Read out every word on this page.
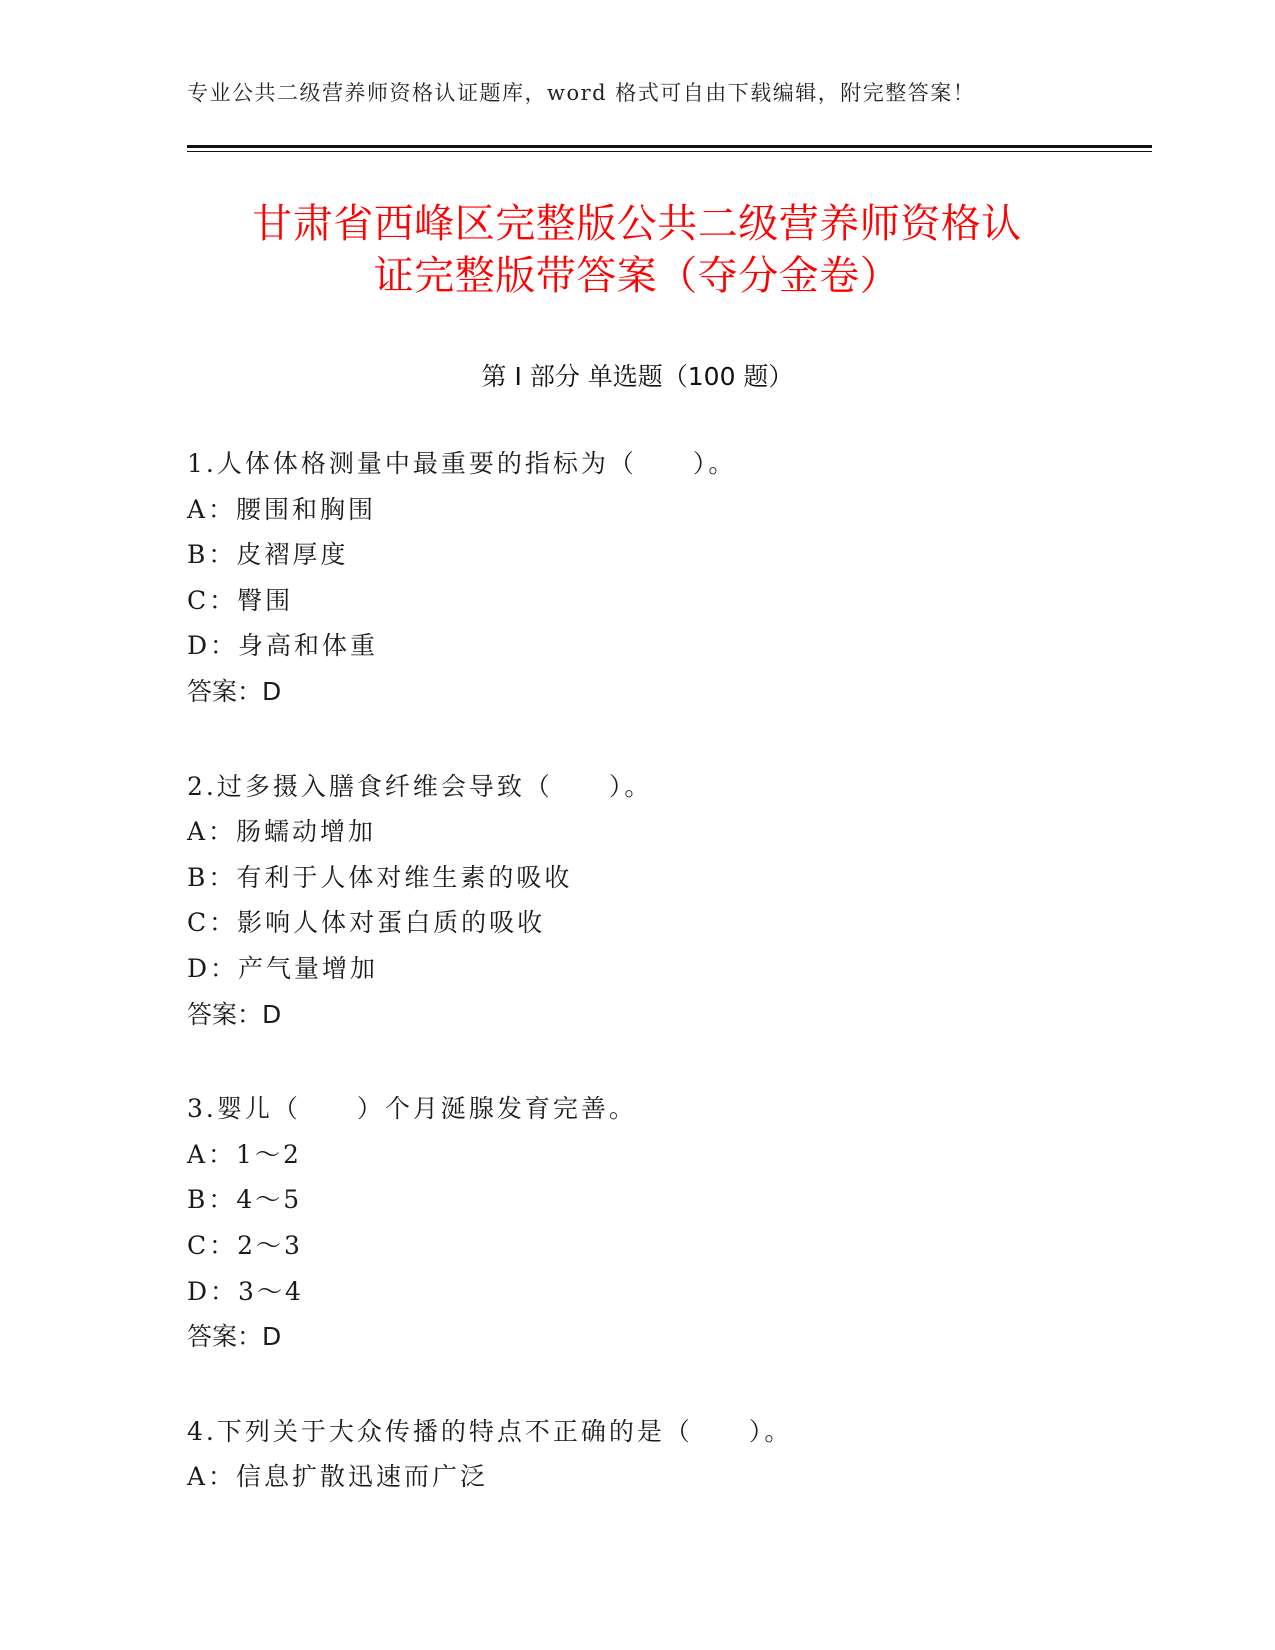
专业公共二级营养师资格认证题库，word 格式可自由下载编辑，附完整答案！
甘肃省西峰区完整版公共二级营养师资格认
证完整版带答案（夺分金卷）
第 I 部分 单选题（100 题）
1.人体体格测量中最重要的指标为（　　）。
A：腰围和胸围
B：皮褶厚度
C：臀围
D：身高和体重
答案：D
2.过多摄入膳食纤维会导致（　　）。
A：肠蠕动增加
B：有利于人体对维生素的吸收
C：影响人体对蛋白质的吸收
D：产气量增加
答案：D
3.婴儿（　　）个月涎腺发育完善。
A：1～2
B：4～5
C：2～3
D：3～4
答案：D
4.下列关于大众传播的特点不正确的是（　　）。
A：信息扩散迅速而广泛
